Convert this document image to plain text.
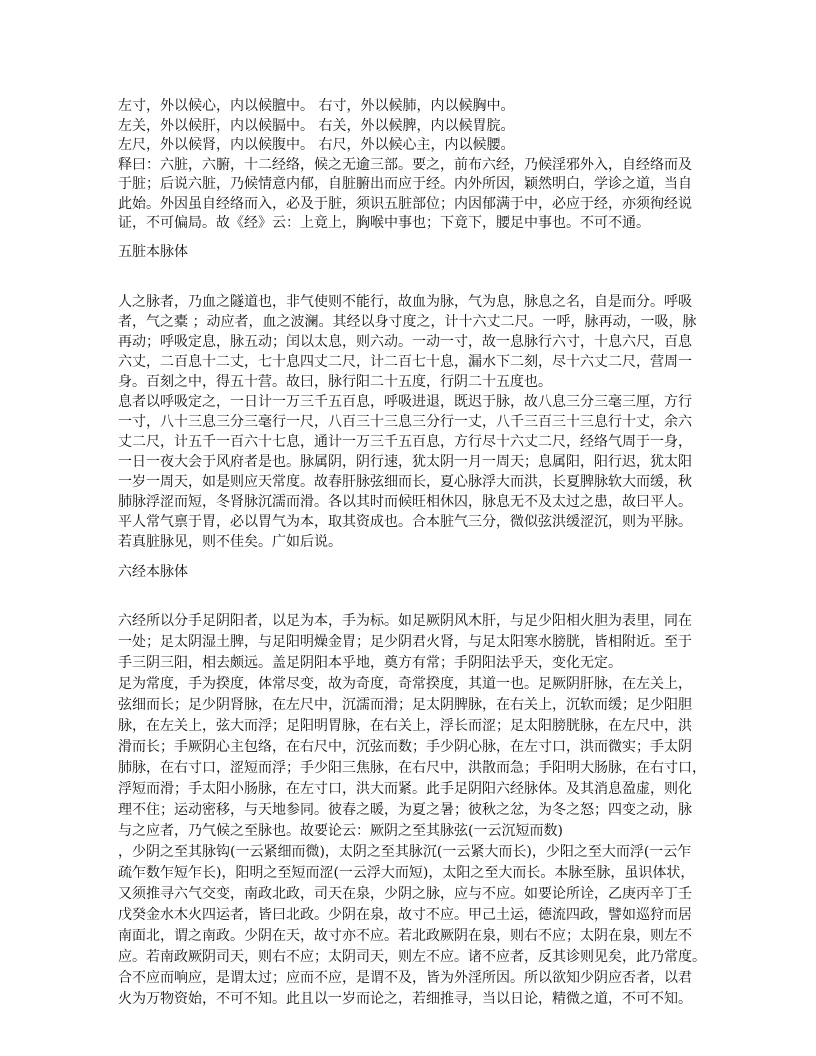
左寸，外以候心，内以候膻中。 右寸，外以候肺，内以候胸中。
左关，外以候肝，内以候膈中。 右关，外以候脾，内以候胃脘。
左尺，外以候肾，内以候腹中。 右尺，外以候心主，内以候腰。
释曰：六脏，六腑，十二经络，候之无逾三部。要之，前布六经，乃候淫邪外入，自经络而及
于脏；后说六脏，乃候情意内郁，自脏腑出而应于经。内外所因，颖然明白，学诊之道，当自
此始。外因虽自经络而入，必及于脏，须识五脏部位；内因郁满于中，必应于经，亦须徇经说
证，不可偏局。故《经》云：上竟上，胸喉中事也；下竟下，腰足中事也。不可不通。
五脏本脉体
人之脉者，乃血之隧道也，非气使则不能行，故血为脉，气为息，脉息之名，自是而分。呼吸
者，气之橐 ；动应者，血之波澜。其经以身寸度之，计十六丈二尺。一呼，脉再动，一吸，脉
再动；呼吸定息，脉五动；闰以太息，则六动。一动一寸，故一息脉行六寸，十息六尺，百息
六丈，二百息十二丈，七十息四丈二尺，计二百七十息，漏水下二刻，尽十六丈二尺，营周一
身。百刻之中，得五十营。故曰，脉行阳二十五度，行阴二十五度也。
息者以呼吸定之，一日计一万三千五百息，呼吸进退，既迟于脉，故八息三分三毫三厘，方行
一寸，八十三息三分三毫行一尺，八百三十三息三分行一丈，八千三百三十三息行十丈，余六
丈二尺，计五千一百六十七息，通计一万三千五百息，方行尽十六丈二尺，经络气周于一身，
一日一夜大会于风府者是也。脉属阴，阴行速，犹太阴一月一周天；息属阳，阳行迟，犹太阳
一岁一周天，如是则应天常度。故春肝脉弦细而长，夏心脉浮大而洪，长夏脾脉软大而缓，秋
肺脉浮涩而短，冬肾脉沉濡而滑。各以其时而候旺相休囚，脉息无不及太过之患，故曰平人。
平人常气禀于胃，必以胃气为本，取其资成也。合本脏气三分，微似弦洪缓涩沉，则为平脉。
若真脏脉见，则不佳矣。广如后说。
六经本脉体
六经所以分手足阴阳者，以足为本，手为标。如足厥阴风木肝，与足少阳相火胆为表里，同在
一处；足太阴湿土脾，与足阳明燥金胃；足少阴君火肾，与足太阳寒水膀胱，皆相附近。至于
手三阴三阳，相去颇远。盖足阴阳本乎地，奠方有常；手阴阳法乎天，变化无定。
足为常度，手为揆度，体常尽变，故为奇度，奇常揆度，其道一也。足厥阴肝脉，在左关上，
弦细而长；足少阴肾脉，在左尺中，沉濡而滑；足太阴脾脉，在右关上，沉软而缓；足少阳胆
脉，在左关上，弦大而浮；足阳明胃脉，在右关上，浮长而涩；足太阳膀胱脉，在左尺中，洪
滑而长；手厥阴心主包络，在右尺中，沉弦而数；手少阴心脉，在左寸口，洪而微实；手太阴
肺脉，在右寸口，涩短而浮；手少阳三焦脉，在右尺中，洪散而急；手阳明大肠脉，在右寸口，
浮短而滑；手太阳小肠脉，在左寸口，洪大而紧。此手足阴阳六经脉体。及其消息盈虚，则化
理不住；运动密移，与天地参同。彼春之暖，为夏之暑；彼秋之忿，为冬之怒；四变之动，脉
与之应者，乃气候之至脉也。故要论云：厥阴之至其脉弦(一云沉短而数)
，少阴之至其脉钩(一云紧细而微)，太阴之至其脉沉(一云紧大而长)，少阳之至大而浮(一云乍
疏乍数乍短乍长)，阳明之至短而涩(一云浮大而短)，太阳之至大而长。本脉至脉，虽识体状，
又须推寻六气交变，南政北政，司天在泉，少阴之脉，应与不应。如要论所诠，乙庚丙辛丁壬
戊癸金水木火四运者，皆曰北政。少阴在泉，故寸不应。甲己土运，德流四政，譬如巡狩而居
南面北，谓之南政。少阴在天，故寸亦不应。若北政厥阴在泉，则右不应；太阴在泉，则左不
应。若南政厥阴司天，则右不应；太阴司天，则左不应。诸不应者，反其诊则见矣，此乃常度。
合不应而响应，是谓太过；应而不应，是谓不及，皆为外淫所因。所以欲知少阴应否者，以君
火为万物资始，不可不知。此且以一岁而论之，若细推寻，当以日论，精微之道，不可不知。
